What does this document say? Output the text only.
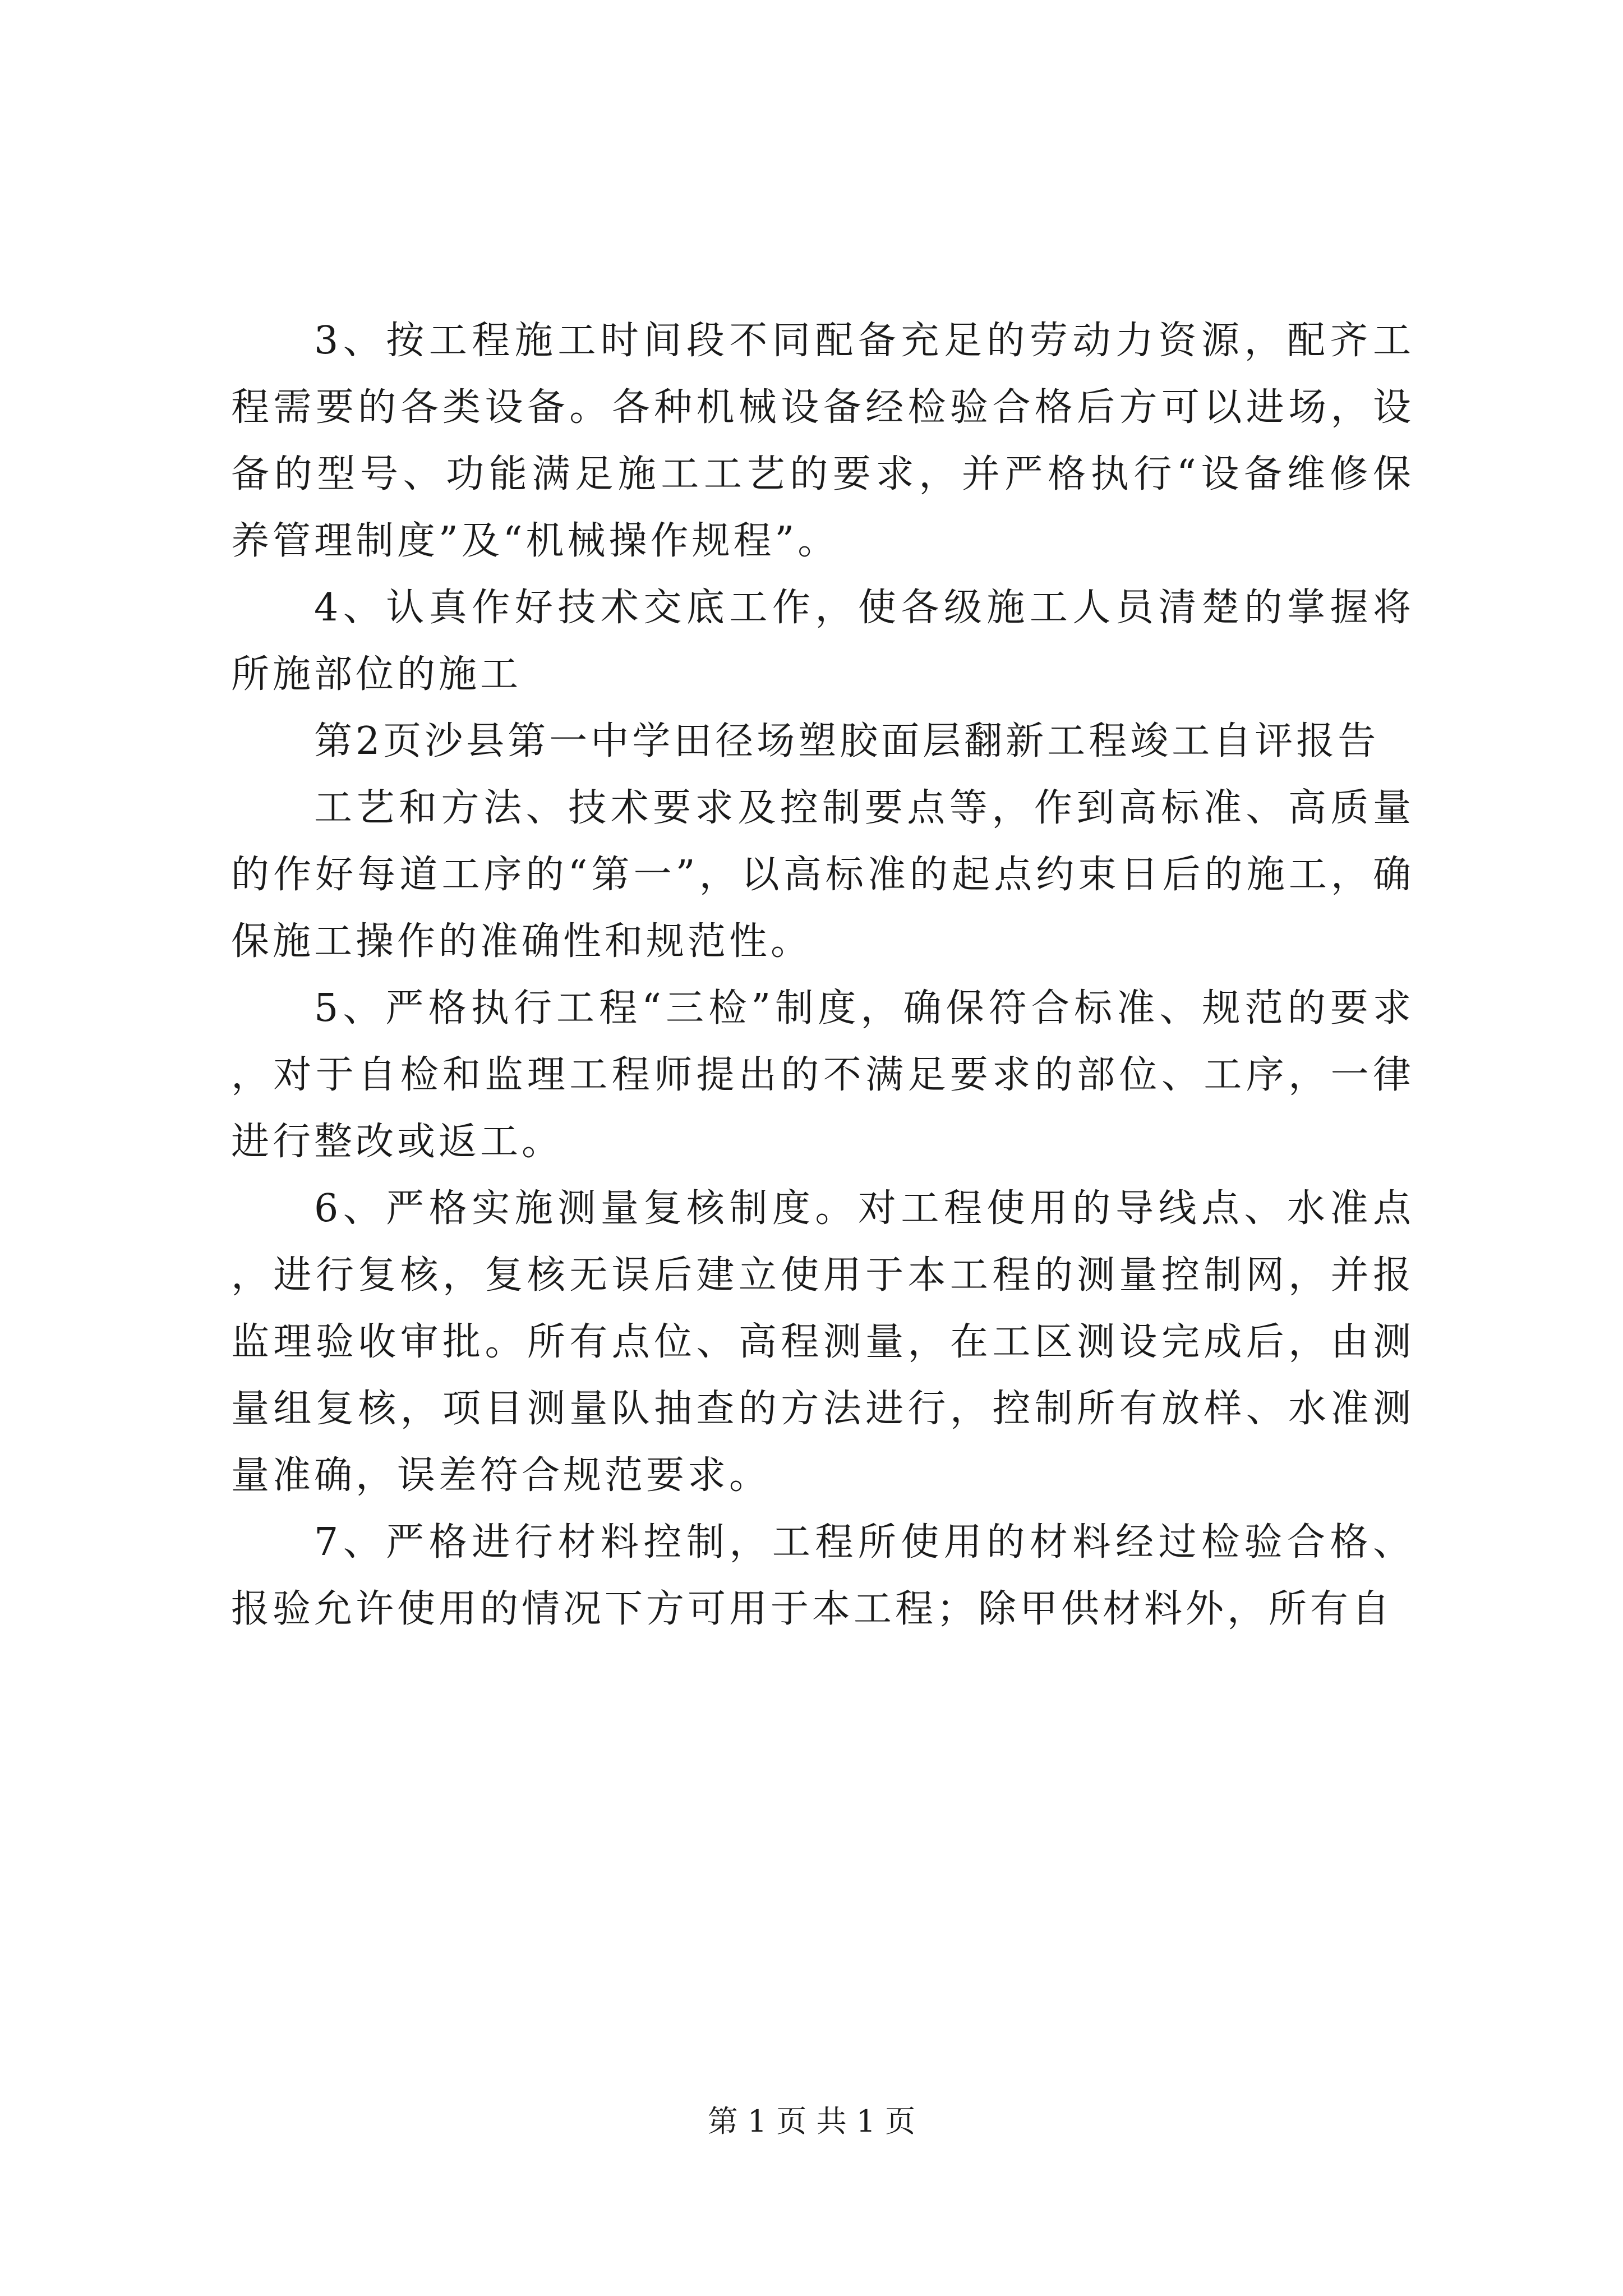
3、按工程施工时间段不同配备充足的劳动力资源，配齐工程需要的各类设备。各种机械设备经检验合格后方可以进场，设备的型号、功能满足施工工艺的要求，并严格执行“设备维修保养管理制度”及“机械操作规程”。

4、认真作好技术交底工作，使各级施工人员清楚的掌握将所施部位的施工

第2页沙县第一中学田径场塑胶面层翻新工程竣工自评报告

工艺和方法、技术要求及控制要点等，作到高标准、高质量的作好每道工序的“第一”，以高标准的起点约束日后的施工，确保施工操作的准确性和规范性。

5、严格执行工程“三检”制度，确保符合标准、规范的要求，对于自检和监理工程师提出的不满足要求的部位、工序，一律进行整改或返工。

6、严格实施测量复核制度。对工程使用的导线点、水准点，进行复核，复核无误后建立使用于本工程的测量控制网，并报监理验收审批。所有点位、高程测量，在工区测设完成后，由测量组复核，项目测量队抽查的方法进行，控制所有放样、水准测量准确，误差符合规范要求。

7、严格进行材料控制，工程所使用的材料经过检验合格、报验允许使用的情况下方可用于本工程；除甲供材料外，所有自

第 1 页 共 1 页
